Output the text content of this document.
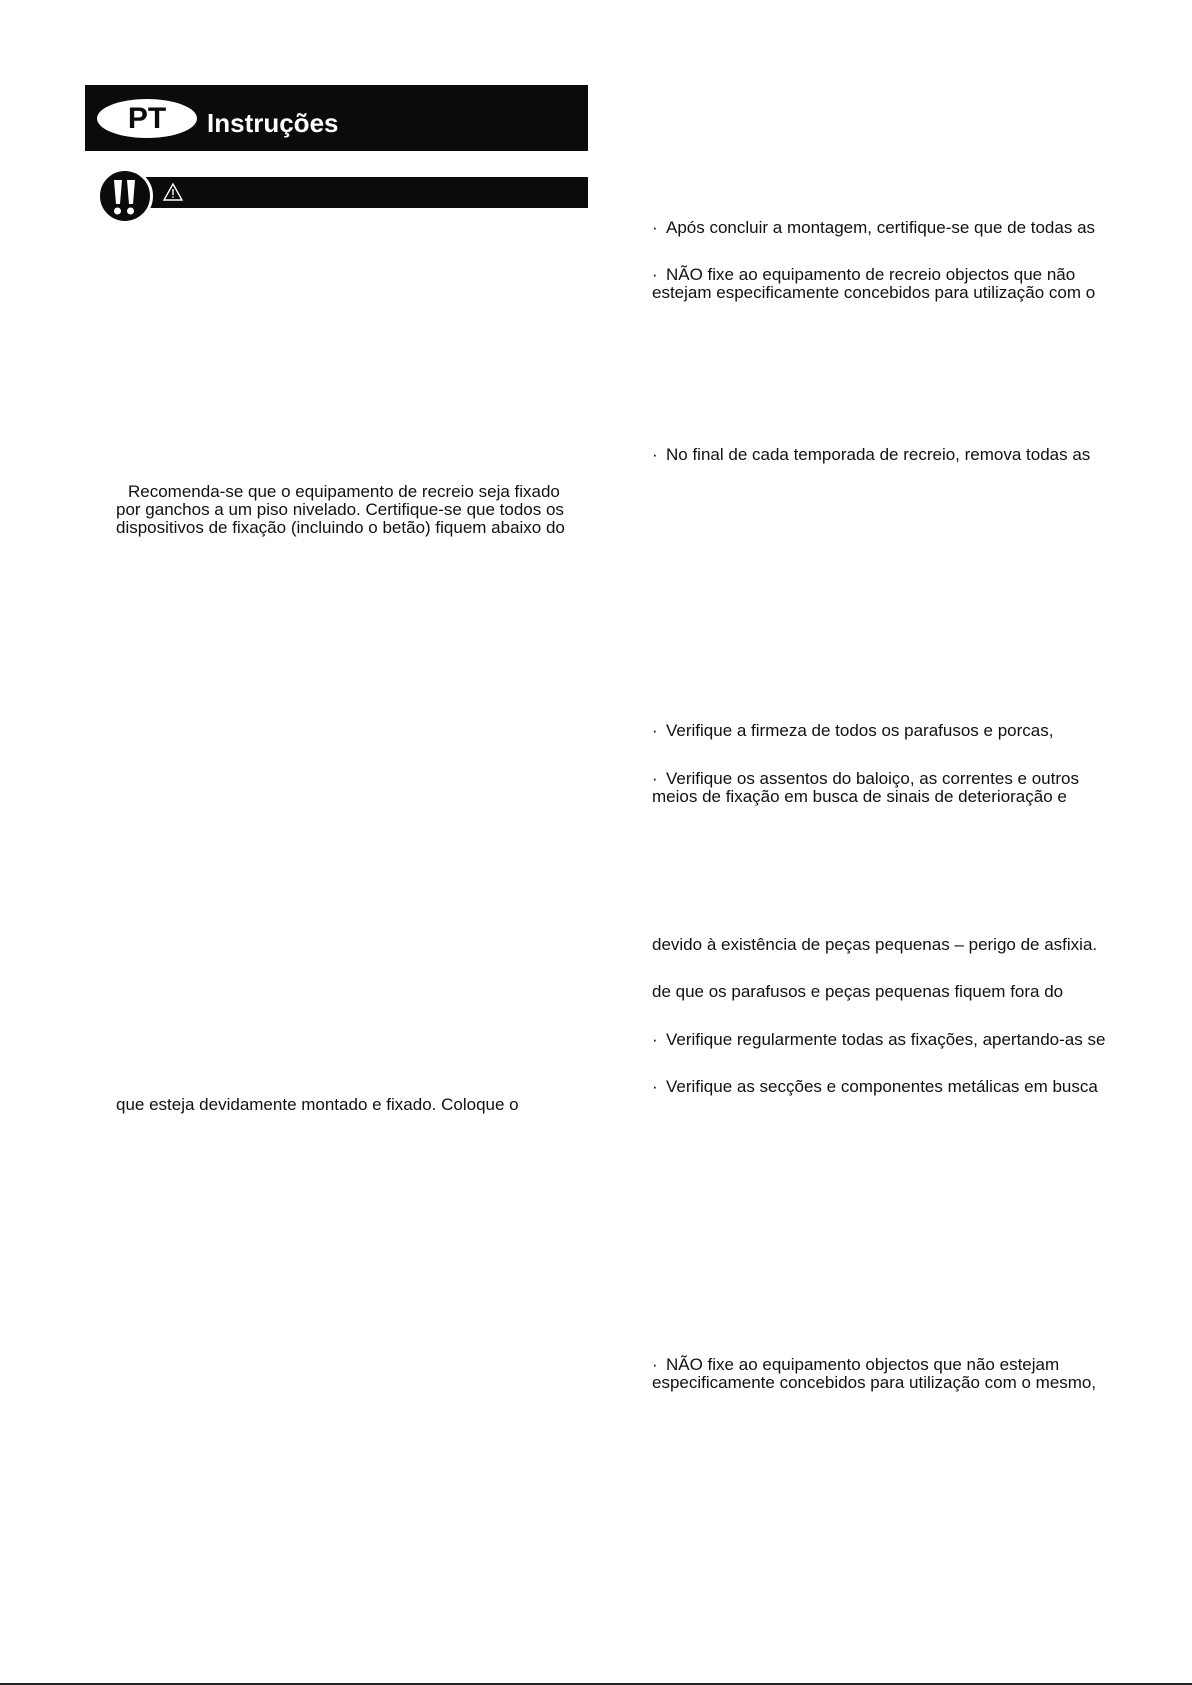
PT Instruções
Recomenda-se que o equipamento de recreio seja fixado
por ganchos a um piso nivelado. Certifique-se que todos os
dispositivos de fixação (incluindo o betão) fiquem abaixo do
que esteja devidamente montado e fixado. Coloque o
· Após concluir a montagem, certifique-se que de todas as
· NÃO fixe ao equipamento de recreio objectos que não
estejam especificamente concebidos para utilização com o
· No final de cada temporada de recreio, remova todas as
· Verifique a firmeza de todos os parafusos e porcas,
· Verifique os assentos do baloiço, as correntes e outros
meios de fixação em busca de sinais de deterioração e
devido à existência de peças pequenas – perigo de asfixia.
de que os parafusos e peças pequenas fiquem fora do
· Verifique regularmente todas as fixações, apertando-as se
· Verifique as secções e componentes metálicas em busca
· NÃO fixe ao equipamento objectos que não estejam
especificamente concebidos para utilização com o mesmo,
